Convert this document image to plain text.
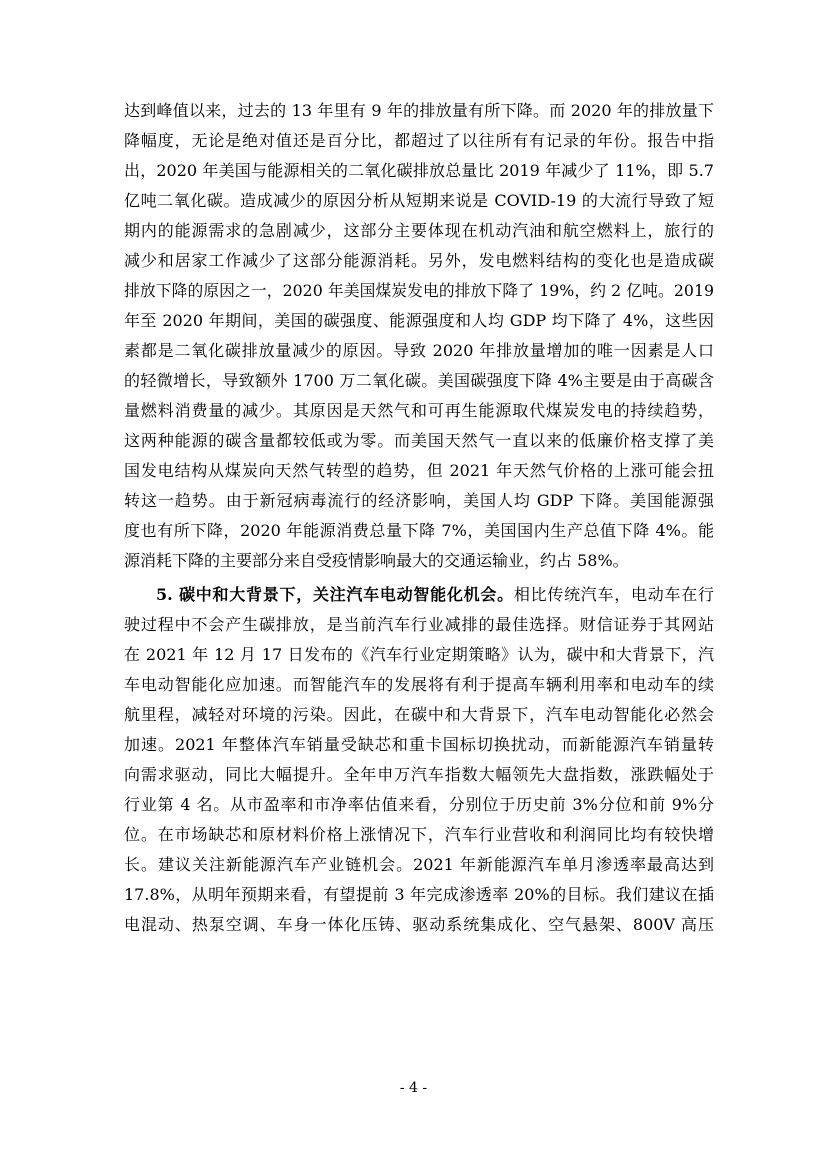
达到峰值以来，过去的 13 年里有 9 年的排放量有所下降。而 2020 年的排放量下
降幅度，无论是绝对值还是百分比，都超过了以往所有有记录的年份。报告中指
出，2020 年美国与能源相关的二氧化碳排放总量比 2019 年减少了 11%，即 5.7
亿吨二氧化碳。造成减少的原因分析从短期来说是 COVID-19 的大流行导致了短
期内的能源需求的急剧减少，这部分主要体现在机动汽油和航空燃料上，旅行的
减少和居家工作减少了这部分能源消耗。另外，发电燃料结构的变化也是造成碳
排放下降的原因之一，2020 年美国煤炭发电的排放下降了 19%，约 2 亿吨。2019
年至 2020 年期间，美国的碳强度、能源强度和人均 GDP 均下降了 4%，这些因
素都是二氧化碳排放量减少的原因。导致 2020 年排放量增加的唯一因素是人口
的轻微增长，导致额外 1700 万二氧化碳。美国碳强度下降 4%主要是由于高碳含
量燃料消费量的减少。其原因是天然气和可再生能源取代煤炭发电的持续趋势，
这两种能源的碳含量都较低或为零。而美国天然气一直以来的低廉价格支撑了美
国发电结构从煤炭向天然气转型的趋势，但 2021 年天然气价格的上涨可能会扭
转这一趋势。由于新冠病毒流行的经济影响，美国人均 GDP 下降。美国能源强
度也有所下降，2020 年能源消费总量下降 7%，美国国内生产总值下降 4%。能
源消耗下降的主要部分来自受疫情影响最大的交通运输业，约占 58%。
5. 碳中和大背景下，关注汽车电动智能化机会。相比传统汽车，电动车在行
驶过程中不会产生碳排放，是当前汽车行业减排的最佳选择。财信证券于其网站
在 2021 年 12 月 17 日发布的《汽车行业定期策略》认为，碳中和大背景下，汽
车电动智能化应加速。而智能汽车的发展将有利于提高车辆利用率和电动车的续
航里程，减轻对环境的污染。因此，在碳中和大背景下，汽车电动智能化必然会
加速。2021 年整体汽车销量受缺芯和重卡国标切换扰动，而新能源汽车销量转
向需求驱动，同比大幅提升。全年申万汽车指数大幅领先大盘指数，涨跌幅处于
行业第 4 名。从市盈率和市净率估值来看，分别位于历史前 3%分位和前 9%分
位。在市场缺芯和原材料价格上涨情况下，汽车行业营收和利润同比均有较快增
长。建议关注新能源汽车产业链机会。2021 年新能源汽车单月渗透率最高达到
17.8%，从明年预期来看，有望提前 3 年完成渗透率 20%的目标。我们建议在插
电混动、热泵空调、车身一体化压铸、驱动系统集成化、空气悬架、800V 高压
- 4 -
